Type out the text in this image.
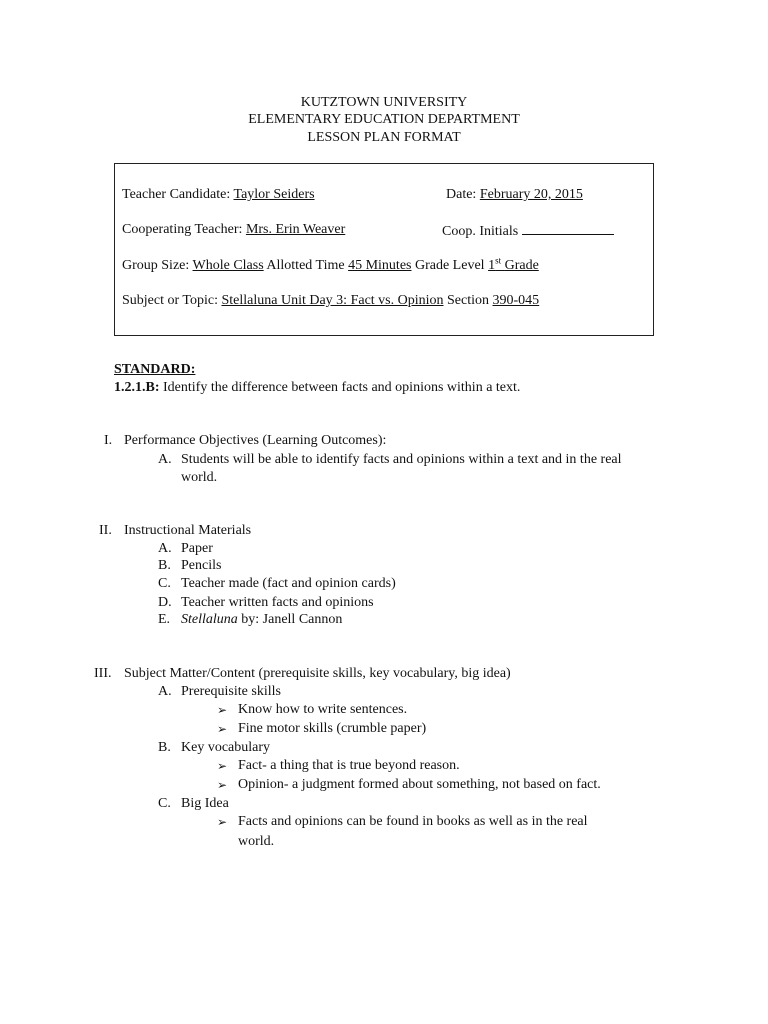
KUTZTOWN UNIVERSITY
ELEMENTARY EDUCATION DEPARTMENT
LESSON PLAN FORMAT
Teacher Candidate: Taylor Seiders	Date: February 20, 2015
Cooperating Teacher: Mrs. Erin Weaver	Coop. Initials
Group Size: Whole Class Allotted Time 45 Minutes Grade Level 1st Grade
Subject or Topic: Stellaluna Unit Day 3: Fact vs. Opinion Section 390-045
STANDARD:
1.2.1.B: Identify the difference between facts and opinions within a text.
I. Performance Objectives (Learning Outcomes):
A. Students will be able to identify facts and opinions within a text and in the real
world.
II. Instructional Materials
A. Paper
B. Pencils
C. Teacher made (fact and opinion cards)
D. Teacher written facts and opinions
E. Stellaluna by: Janell Cannon
III. Subject Matter/Content (prerequisite skills, key vocabulary, big idea)
A. Prerequisite skills
➢ Know how to write sentences.
➢ Fine motor skills (crumble paper)
B. Key vocabulary
➢ Fact- a thing that is true beyond reason.
➢ Opinion- a judgment formed about something, not based on fact.
C. Big Idea
➢ Facts and opinions can be found in books as well as in the real
world.
